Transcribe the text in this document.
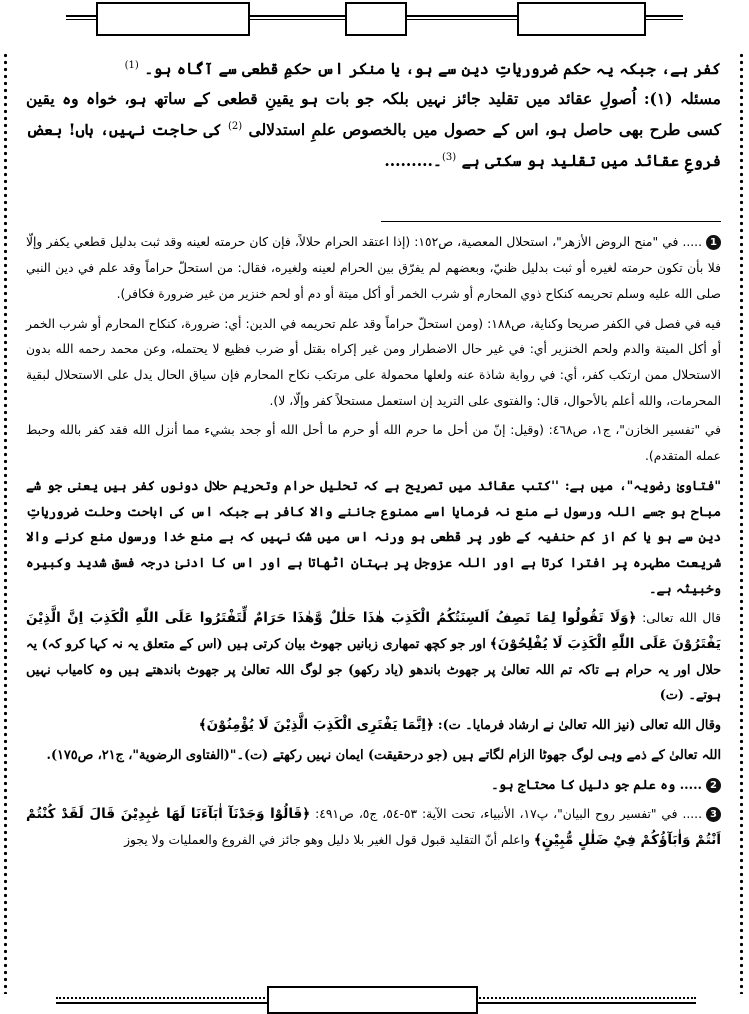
کفر ہے، جبکہ یہ حکم ضروریاتِ دین سے ہو، یا منکر اس حکمِ قطعی سے آگاہ ہو۔ $^{(1)}$

مسئلہ (۱): اُصولِ عقائد میں تقلید جائز نہیں بلکہ جو بات ہو یقینِ قطعی کے ساتھ ہو، خواہ وہ یقین کسی طرح بھی حاصل ہو، اس کے حصول میں بالخصوص علمِ استدلالی $^{(2)}$ کی حاجت نہیں، ہاں! بعض فروعِ عقائد میں تقلید ہو سکتی ہے $^{(3)}$۔.........

1..... في "منح الروض الأزهر"، استحلال المعصية، ص١٥٢: (إذا اعتقد الحرام حلالاً، فإن كان حرمته لعينه وقد ثبت بدليل قطعي يكفر وإلّا فلا بأن تكون حرمته لغيره أو ثبت بدليل ظنيّ، وبعضهم لم يفرّق بين الحرام لعينه ولغيره، فقال: من استحلّ حراماً وقد علم في دين النبي صلى الله عليه وسلم تحريمه كنكاح ذوي المحارم أو شرب الخمر أو أكل ميتة أو دم أو لحم خنزير من غير ضرورة فكافر).

فيه في فصل في الكفر صريحا وكناية، ص١٨٨: (ومن استحلّ حراماً وقد علم تحريمه في الدين: أي: ضرورة، كنكاح المحارم أو شرب الخمر أو أكل الميتة والدم ولحم الخنزير أي: في غير حال الاضطرار ومن غير إكراه بقتل أو ضرب فظيع لا يحتمله، وعن محمد رحمه الله بدون الاستحلال ممن ارتكب كفر، أي: في رواية شاذة عنه ولعلها محمولة على مرتكب نكاح المحارم فإن سياق الحال يدل على الاستحلال لبقية المحرمات، والله أعلم بالأحوال، قال: والفتوى على التريد إن استعمل مستحلاً كفر وإلّا، لا).

في "تفسير الخازن"، ج١، ص٤٦٨: (وقيل: إنّ من أحل ما حرم الله أو حرم ما أحل الله أو جحد بشيء مما أنزل الله فقد كفر بالله وحبط عمله المتقدم).

"فتاویٰ رضویہ"، میں ہے: ''کتب عقائد میں تصریح ہے کہ تحلیل حرام وتحریم حلال دونوں کفر ہیں یعنی جو شے مباح ہو جسے اللہ ورسول نے منع نہ فرمایا اسے ممنوع جاننے والا کافر ہے جبکہ اس کی اباحت وحلت ضروریاتِ دین سے ہو یا کم از کم حنفیہ کے طور پر قطعی ہو ورنہ اس میں شک نہیں کہ بے منع خدا ورسول منع کرنے والا شریعت مطہرہ پر افترا کرتا ہے اور اللہ عزوجل پر بہتان اٹھاتا ہے اور اس کا ادنیٰ درجہ فسق شدید وکبیرہ وخبیثہ ہے۔

قال الله تعالى: ﴿وَلَا تَقُولُوا لِمَا تَصِفُ اَلسِنَتُكُمُ الْكَذِبَ هٰذَا حَلٰلٌ وَّهٰذَا حَرَامٌ لِّتَفْتَرُوا عَلَى اللّٰهِ الْكَذِبَ اِنَّ الَّذِيْنَ يَفْتَرُوْنَ عَلَى اللّٰهِ الْكَذِبَ لَا يُفْلِحُوْنَ﴾ اور جو کچھ تمھاری زبانیں جھوٹ بیان کرتی ہیں (اس کے متعلق یہ نہ کہا کرو کہ) یہ حلال اور یہ حرام ہے تاکہ تم اللہ تعالیٰ پر جھوٹ باندھو (یاد رکھو) جو لوگ اللہ تعالیٰ پر جھوٹ باندھتے ہیں وہ کامیاب نہیں ہوتے۔ (ت)

وقال الله تعالى (نیز اللہ تعالیٰ نے ارشاد فرمایا۔ ت): ﴿اِنَّمَا يَفْتَرِى الْكَذِبَ الَّذِيْنَ لَا يُؤْمِنُوْنَ﴾

اللہ تعالیٰ کے ذمے وہی لوگ جھوٹا الزام لگاتے ہیں (جو درحقیقت) ایمان نہیں رکھتے (ت)۔"(الفتاوی الرضویة"، ج٢١، ص١٧٥).

2..... وہ علم جو دلیل کا محتاج ہو۔

3..... في "تفسير روح البيان"، پ١٧، الأنبياء، تحت الآية: ٥٣-٥٤، ج٥، ص٤٩١: ﴿قَالُوْا وَجَدْنَآ اٰبَآءَنَا لَهَا عٰبِدِيْنَ قَالَ لَقَدْ كُنْتُمْ اَنْتُمْ وَاٰبَآؤُكُمْ فِيْ ضَلٰلٍ مُّبِيْنٍ﴾ واعلم أنّ التقليد قبول قول الغير بلا دليل وهو جائز في الفروع والعمليات ولا يجوز
